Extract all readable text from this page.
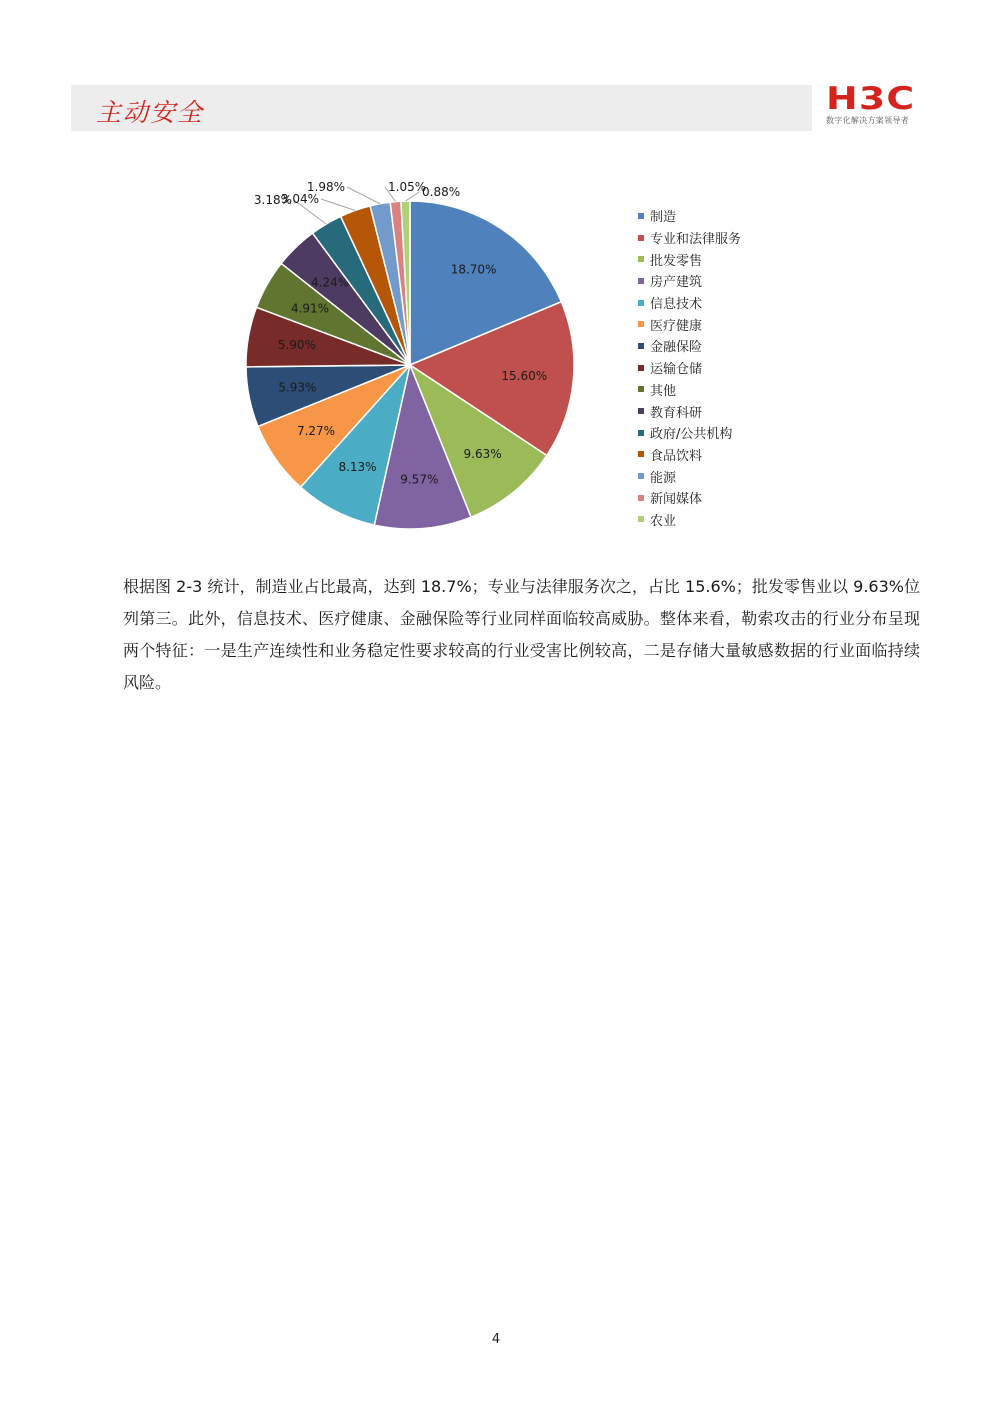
主动安全	H3C
数字化解决方案领导者
18.70%
15.60%
9.63%
9.57%
8.13%
7.27%
5.93%
5.90%
4.91%
4.24%
3.18%
3.04%
1.98%	1.05%
0.88%
制造
专业和法律服务
批发零售
房产建筑
信息技术
医疗健康
金融保险
运输仓储
其他
教育科研
政府/公共机构
食品饮料
能源
新闻媒体
农业
根据图 2-3 统计，制造业占比最高，达到 18.7%；专业与法律服务次之，占比 15.6%；批发零售业以 9.63%位列第三。此外，信息技术、医疗健康、金融保险等行业同样面临较高威胁。整体来看，勒索攻击的行业分布呈现两个特征：一是生产连续性和业务稳定性要求较高的行业受害比例较高，二是存储大量敏感数据的行业面临持续风险。
4
